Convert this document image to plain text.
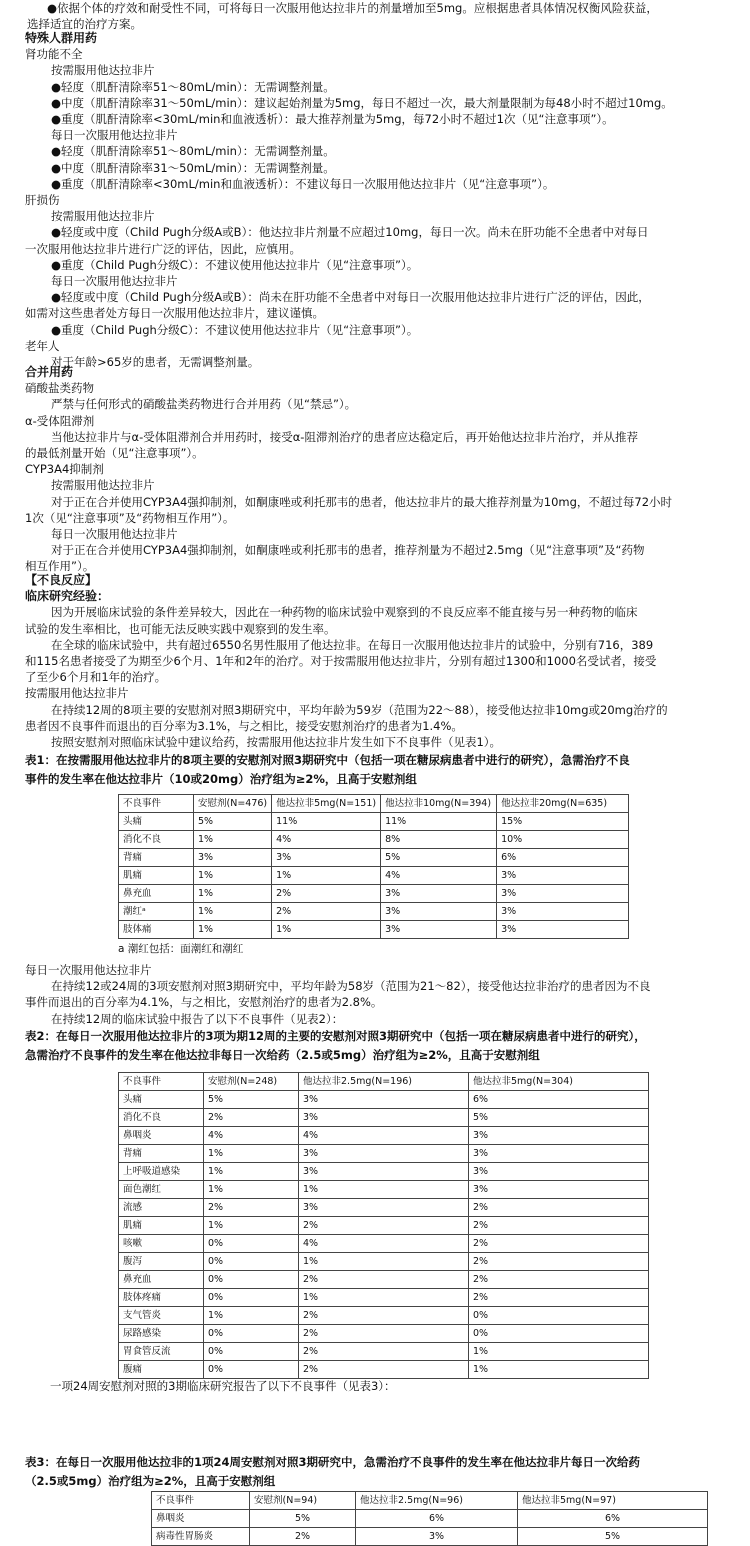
●依据个体的疗效和耐受性不同，可将每日一次服用他达拉非片的剂量增加至5mg。应根据患者具体情况权衡风险获益，
选择适宜的治疗方案。
特殊人群用药
肾功能不全
按需服用他达拉非片
●轻度（肌酐清除率51～80mL/min）：无需调整剂量。
●中度（肌酐清除率31～50mL/min）：建议起始剂量为5mg，每日不超过一次，最大剂量限制为每48小时不超过10mg。
●重度（肌酐清除率<30mL/min和血液透析）：最大推荐剂量为5mg，每72小时不超过1次（见“注意事项”）。
每日一次服用他达拉非片
●轻度（肌酐清除率51～80mL/min）：无需调整剂量。
●中度（肌酐清除率31～50mL/min）：无需调整剂量。
●重度（肌酐清除率<30mL/min和血液透析）：不建议每日一次服用他达拉非片（见“注意事项”）。
肝损伤
按需服用他达拉非片
●轻度或中度（Child Pugh分级A或B）：他达拉非片剂量不应超过10mg，每日一次。尚未在肝功能不全患者中对每日
一次服用他达拉非片进行广泛的评估，因此，应慎用。
●重度（Child Pugh分级C）：不建议使用他达拉非片（见“注意事项”）。
每日一次服用他达拉非片
●轻度或中度（Child Pugh分级A或B）：尚未在肝功能不全患者中对每日一次服用他达拉非片进行广泛的评估，因此，
如需对这些患者处方每日一次服用他达拉非片，建议谨慎。
●重度（Child Pugh分级C）：不建议使用他达拉非片（见“注意事项”）。
老年人
对于年龄>65岁的患者，无需调整剂量。
合并用药
硝酸盐类药物
严禁与任何形式的硝酸盐类药物进行合并用药（见“禁忌”）。
α-受体阻滞剂
当他达拉非片与α-受体阻滞剂合并用药时，接受α-阻滞剂治疗的患者应达稳定后，再开始他达拉非片治疗，并从推荐
的最低剂量开始（见“注意事项”）。
CYP3A4抑制剂
按需服用他达拉非片
对于正在合并使用CYP3A4强抑制剂，如酮康唑或利托那韦的患者，他达拉非片的最大推荐剂量为10mg，不超过每72小时
1次（见“注意事项”及“药物相互作用”）。
每日一次服用他达拉非片
对于正在合并使用CYP3A4强抑制剂，如酮康唑或利托那韦的患者，推荐剂量为不超过2.5mg（见“注意事项”及“药物
相互作用”）。
【不良反应】
临床研究经验：
因为开展临床试验的条件差异较大，因此在一种药物的临床试验中观察到的不良反应率不能直接与另一种药物的临床
试验的发生率相比，也可能无法反映实践中观察到的发生率。
在全球的临床试验中，共有超过6550名男性服用了他达拉非。在每日一次服用他达拉非片的试验中，分别有716，389
和115名患者接受了为期至少6个月、1年和2年的治疗。对于按需服用他达拉非片，分别有超过1300和1000名受试者，接受
了至少6个月和1年的治疗。
按需服用他达拉非片
在持续12周的8项主要的安慰剂对照3期研究中，平均年龄为59岁（范围为22～88），接受他达拉非10mg或20mg治疗的
患者因不良事件而退出的百分率为3.1%，与之相比，接受安慰剂治疗的患者为1.4%。
按照安慰剂对照临床试验中建议给药，按需服用他达拉非片发生如下不良事件（见表1）。
表1：在按需服用他达拉非片的8项主要的安慰剂对照3期研究中（包括一项在糖尿病患者中进行的研究），急需治疗不良
事件的发生率在他达拉非片（10或20mg）治疗组为≥2%，且高于安慰剂组
不良事件	安慰剂(N=476)	他达拉非5mg(N=151)	他达拉非10mg(N=394)	他达拉非20mg(N=635)
头痛	5%	11%	11%	15%
消化不良	1%	4%	8%	10%
背痛	3%	3%	5%	6%
肌痛	1%	1%	4%	3%
鼻充血	1%	2%	3%	3%
潮红ᵃ	1%	2%	3%	3%
肢体痛	1%	1%	3%	3%
a 潮红包括：面潮红和潮红
每日一次服用他达拉非片
在持续12或24周的3项安慰剂对照3期研究中，平均年龄为58岁（范围为21～82），接受他达拉非治疗的患者因为不良
事件而退出的百分率为4.1%，与之相比，安慰剂治疗的患者为2.8%。
在持续12周的临床试验中报告了以下不良事件（见表2）：
表2：在每日一次服用他达拉非片的3项为期12周的主要的安慰剂对照3期研究中（包括一项在糖尿病患者中进行的研究），
急需治疗不良事件的发生率在他达拉非每日一次给药（2.5或5mg）治疗组为≥2%，且高于安慰剂组
不良事件	安慰剂(N=248)	他达拉非2.5mg(N=196)	他达拉非5mg(N=304)
头痛	5%	3%	6%
消化不良	2%	3%	5%
鼻咽炎	4%	4%	3%
背痛	1%	3%	3%
上呼吸道感染	1%	3%	3%
面色潮红	1%	1%	3%
流感	2%	3%	2%
肌痛	1%	2%	2%
咳嗽	0%	4%	2%
腹泻	0%	1%	2%
鼻充血	0%	2%	2%
肢体疼痛	0%	1%	2%
支气管炎	1%	2%	0%
尿路感染	0%	2%	0%
胃食管反流	0%	2%	1%
腹痛	0%	2%	1%
一项24周安慰剂对照的3期临床研究报告了以下不良事件（见表3）：
表3：在每日一次服用他达拉非的1项24周安慰剂对照3期研究中，急需治疗不良事件的发生率在他达拉非片每日一次给药
（2.5或5mg）治疗组为≥2%，且高于安慰剂组
不良事件	安慰剂(N=94)	他达拉非2.5mg(N=96)	他达拉非5mg(N=97)
鼻咽炎	5%	6%	6%
病毒性胃肠炎	2%	3%	5%
